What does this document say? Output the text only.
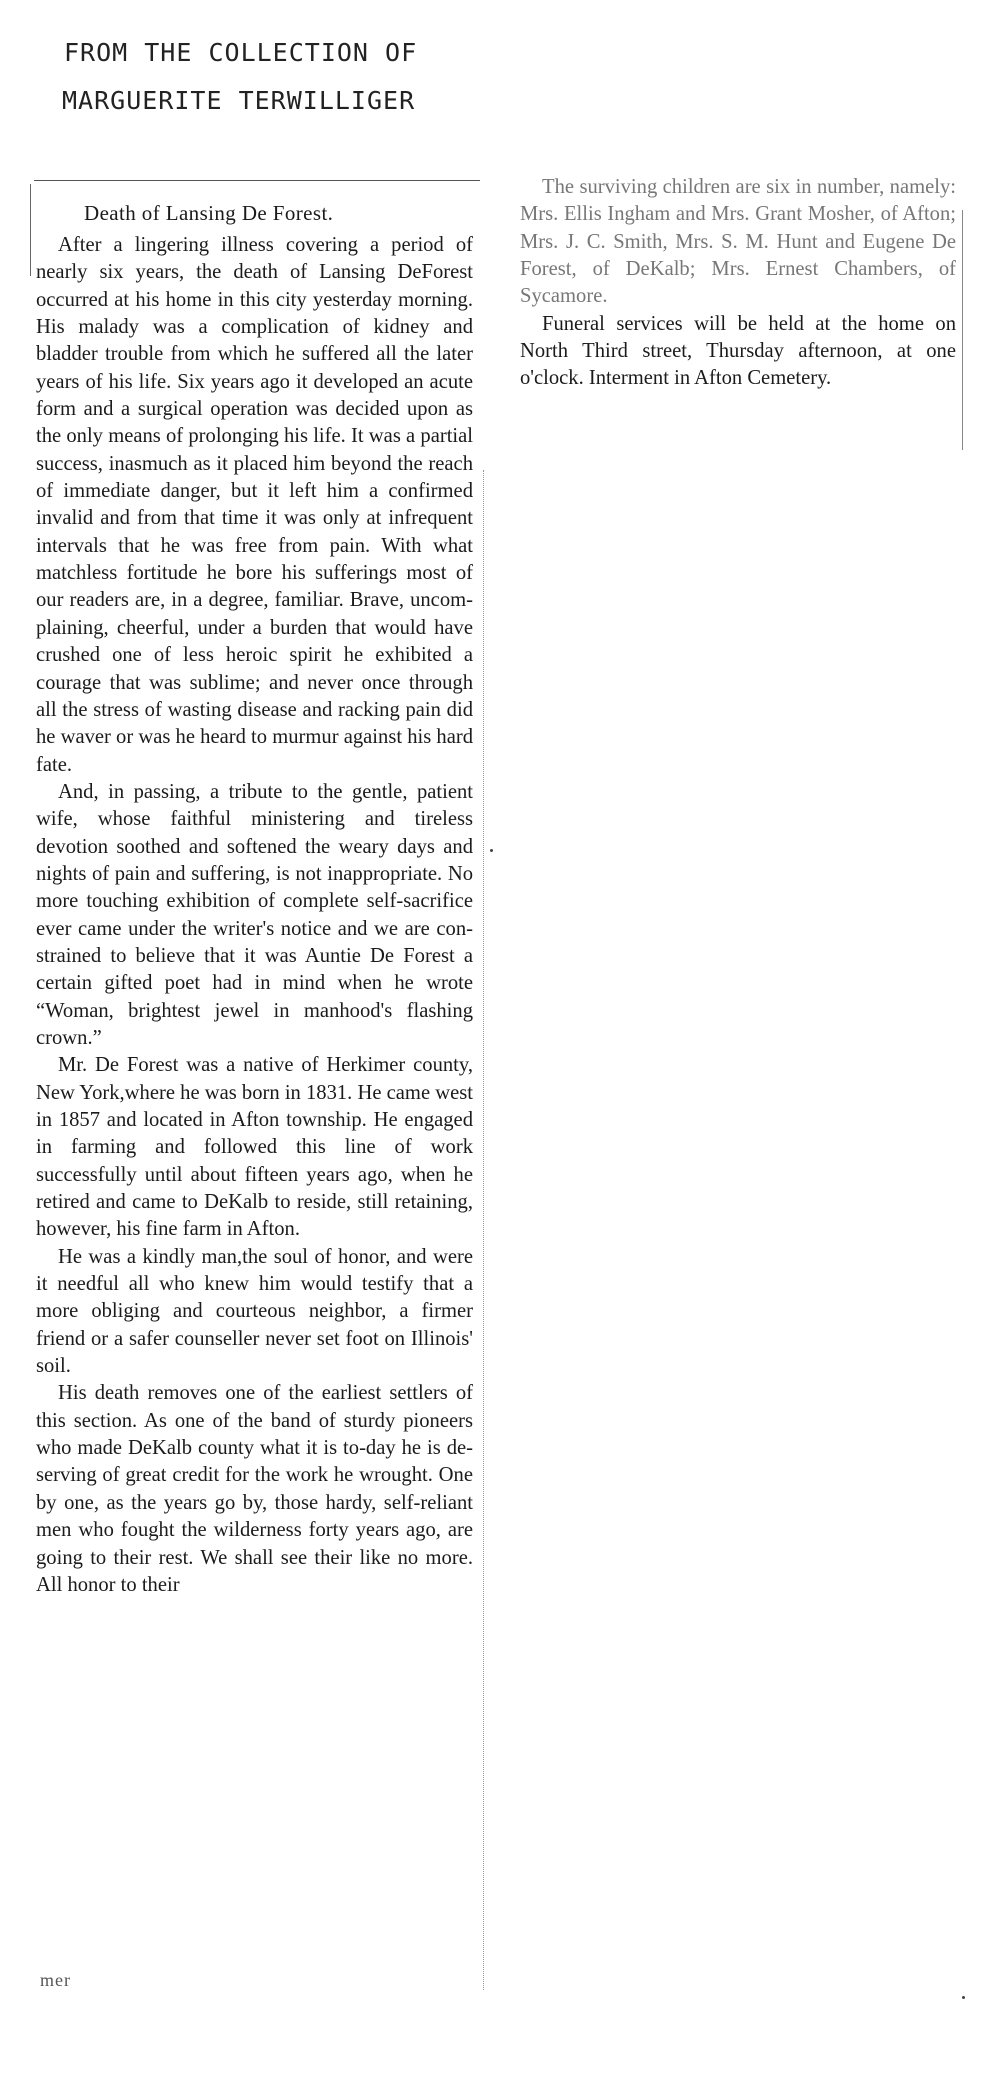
FROM THE COLLECTION OF
MARGUERITE TERWILLIGER
Death of Lansing De Forest.

After a lingering illness covering a period of nearly six years, the death of Lansing DeForest occurred at his home in this city yesterday morning. His malady was a complication of kidney and bladder trouble from which he suffered all the later years of his life. Six years ago it developed an acute form and a surgical operation was decided upon as the only means of prolonging his life. It was a partial success, inasmuch as it placed him beyond the reach of immediate danger, but it left him a confirmed invalid and from that time it was only at infrequent intervals that he was free from pain. With what matchless fortitude he bore his sufferings most of our readers are, in a degree, familiar. Brave, uncomplaining, cheerful, under a burden that would have crushed one of less heroic spirit he exhibited a courage that was sublime; and never once through all the stress of wasting disease and racking pain did he waver or was he heard to murmur against his hard fate.

And, in passing, a tribute to the gentle, patient wife, whose faithful ministering and tireless devotion soothed and softened the weary days and nights of pain and suffering, is not inappropriate. No more touching exhibition of complete self-sacrifice ever came under the writer's notice and we are constrained to believe that it was Auntie De Forest a certain gifted poet had in mind when he wrote “Woman, brightest jewel in manhood's flashing crown.”

Mr. De Forest was a native of Herkimer county, New York,where he was born in 1831. He came west in 1857 and located in Afton township. He engaged in farming and followed this line of work successfully until about fifteen years ago, when he retired and came to DeKalb to reside, still retaining, however, his fine farm in Afton.

He was a kindly man,the soul of honor, and were it needful all who knew him would testify that a more obliging and courteous neighbor, a firmer friend or a safer counseller never set foot on Illinois' soil.

His death removes one of the earliest settlers of this section. As one of the band of sturdy pioneers who made DeKalb county what it is to-day he is deserving of great credit for the work he wrought. One by one, as the years go by, those hardy, self-reliant men who fought the wilderness forty years ago, are going to their rest. We shall see their like no more. All honor to their

mer

The surviving children are six in number, namely: Mrs. Ellis Ingham and Mrs. Grant Mosher, of Afton; Mrs. J. C. Smith, Mrs. S. M. Hunt and Eugene De Forest, of DeKalb; Mrs. Ernest Chambers, of Sycamore.

Funeral services will be held at the home on North Third street, Thursday afternoon, at one o'clock. Interment in Afton Cemetery.
